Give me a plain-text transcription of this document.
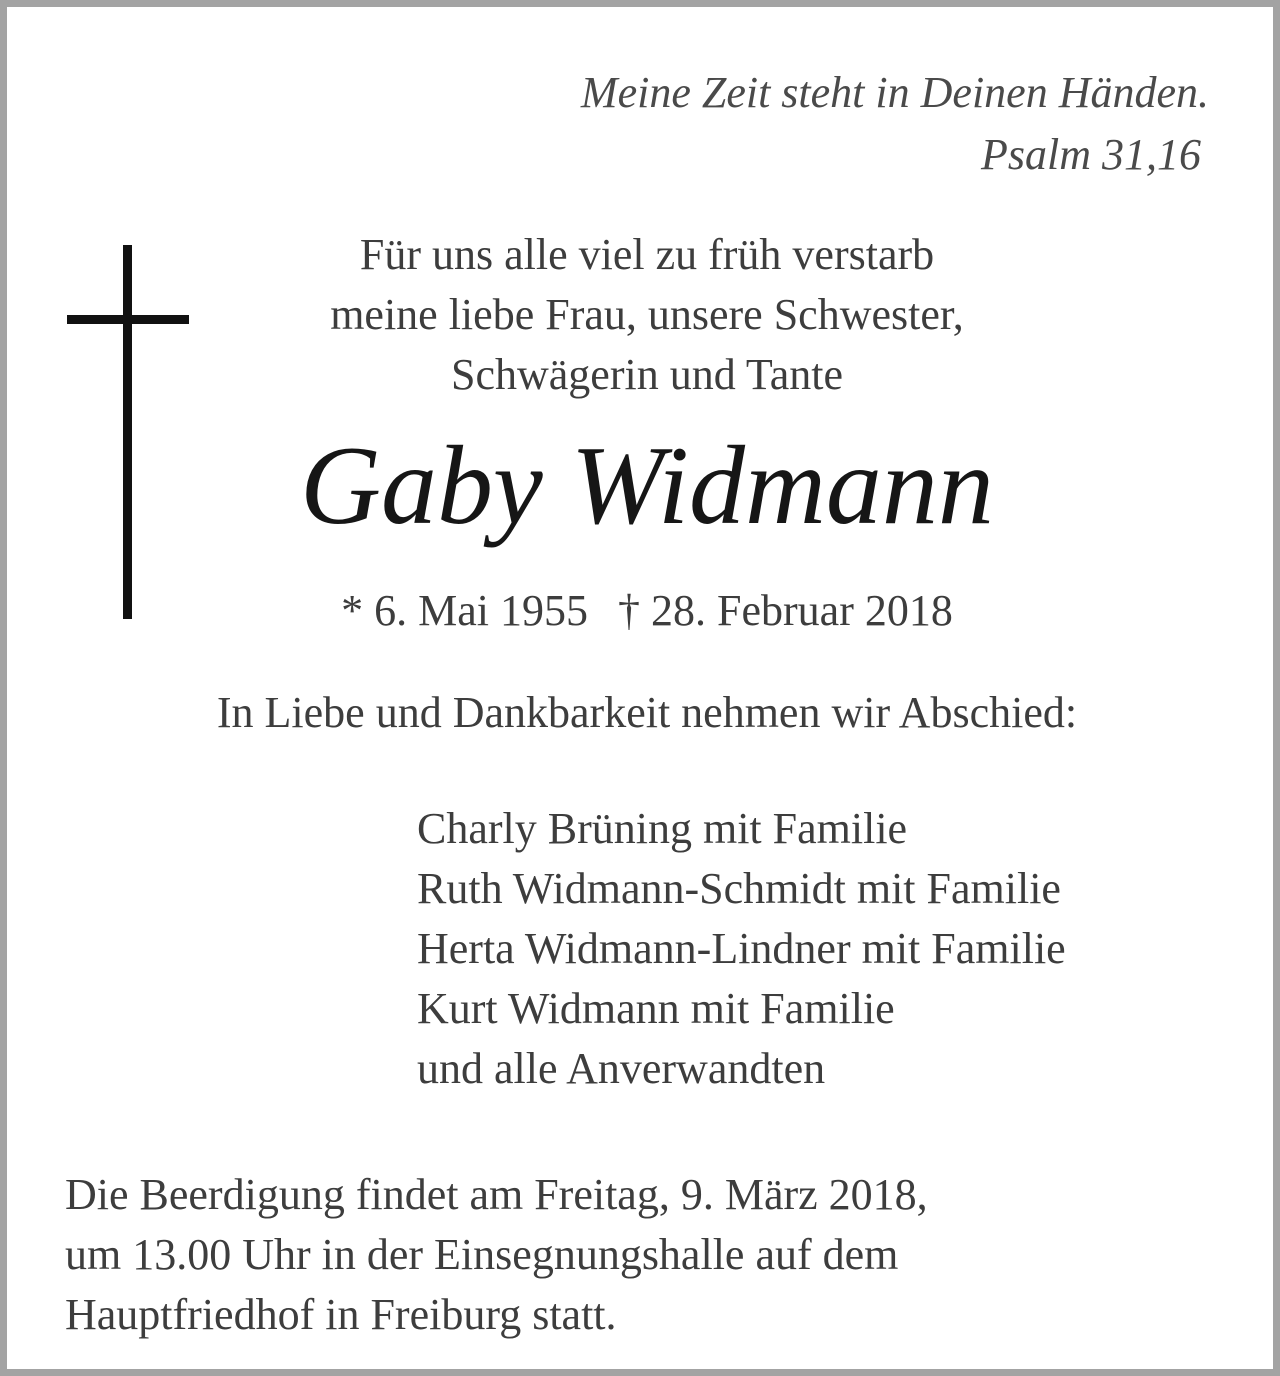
Meine Zeit steht in Deinen Händen.
Psalm 31,16
Für uns alle viel zu früh verstarb
meine liebe Frau, unsere Schwester,
Schwägerin und Tante
Gaby Widmann
* 6. Mai 1955 † 28. Februar 2018
In Liebe und Dankbarkeit nehmen wir Abschied:
Charly Brüning mit Familie
Ruth Widmann-Schmidt mit Familie
Herta Widmann-Lindner mit Familie
Kurt Widmann mit Familie
und alle Anverwandten
Die Beerdigung findet am Freitag, 9. März 2018,
um 13.00 Uhr in der Einsegnungshalle auf dem
Hauptfriedhof in Freiburg statt.
